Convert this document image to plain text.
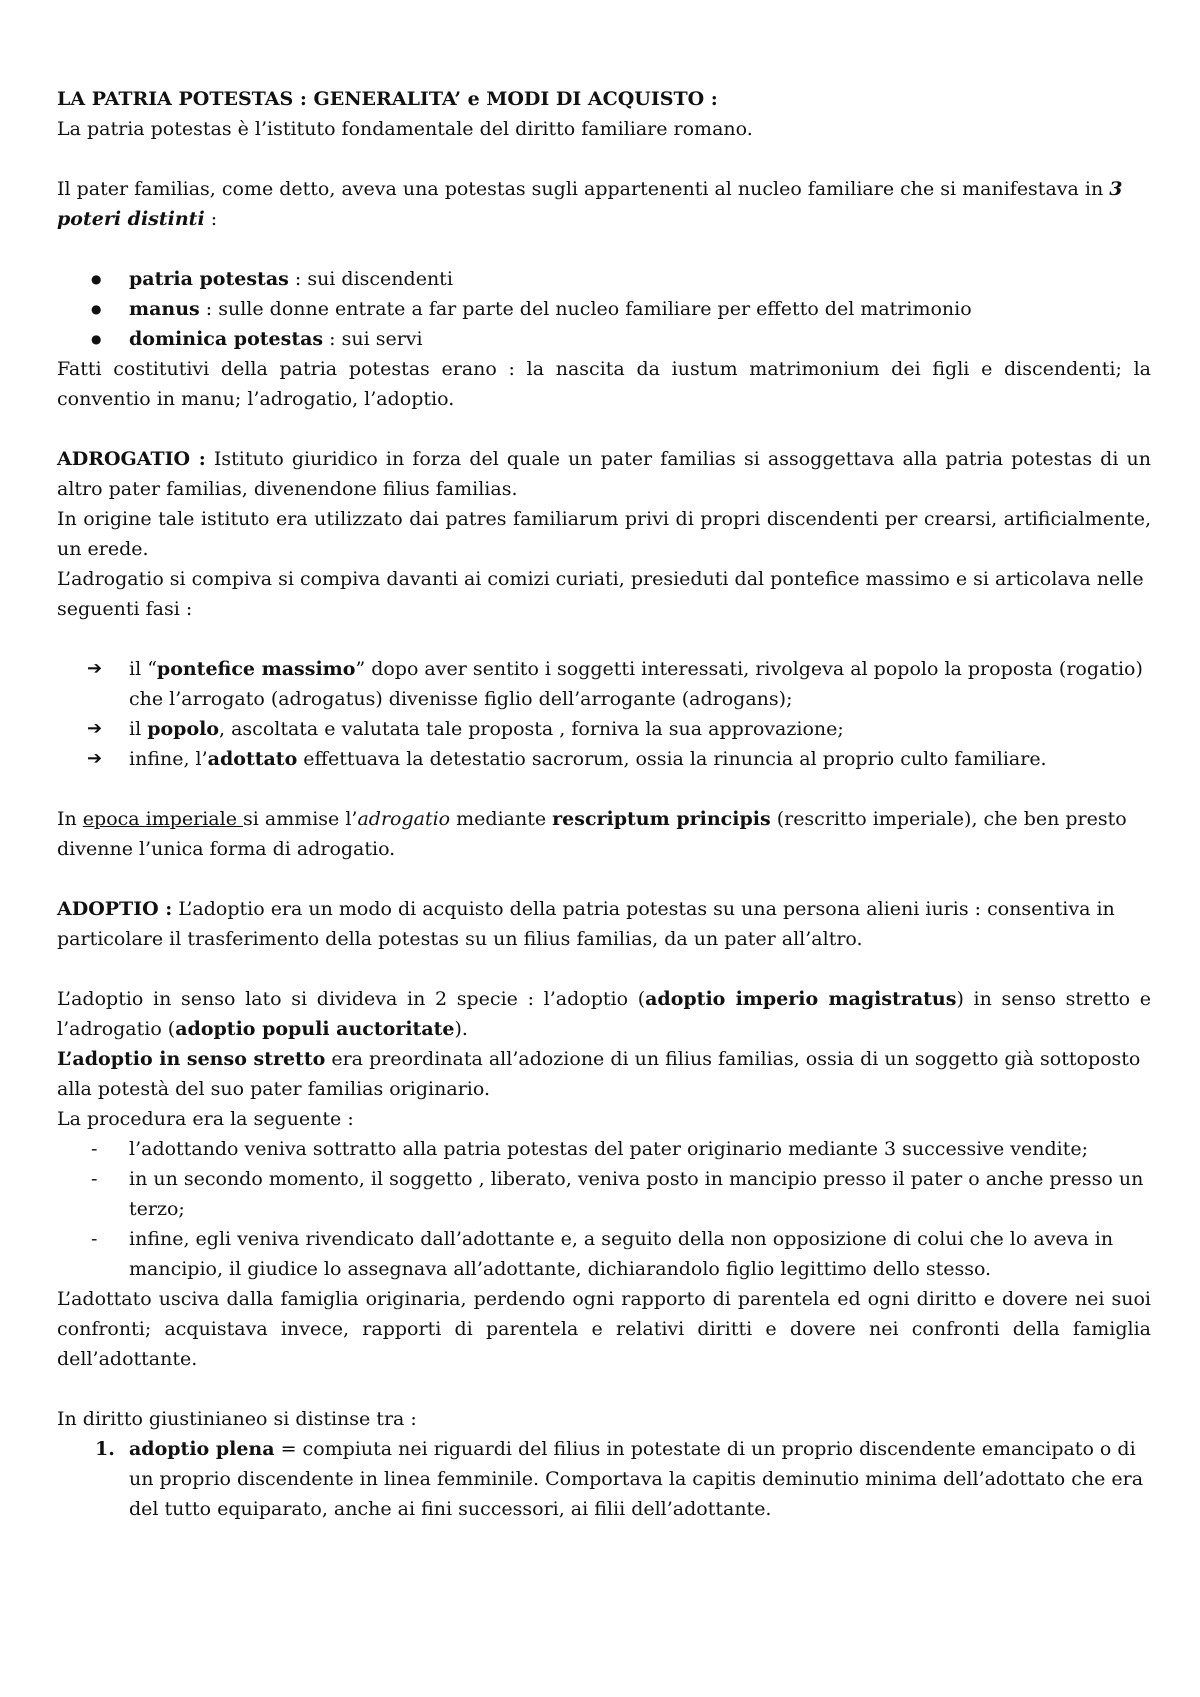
LA PATRIA POTESTAS : GENERALITA’ e MODI DI ACQUISTO :

La patria potestas è l’istituto fondamentale del diritto familiare romano.

Il pater familias, come detto, aveva una potestas sugli appartenenti al nucleo familiare che si manifestava in 3 poteri distinti :

● patria potestas : sui discendenti
● manus : sulle donne entrate a far parte del nucleo familiare per effetto del matrimonio
● dominica potestas : sui servi

Fatti costitutivi della patria potestas erano : la nascita da iustum matrimonium dei figli e discendenti; la conventio in manu; l’adrogatio, l’adoptio.

ADROGATIO : Istituto giuridico in forza del quale un pater familias si assoggettava alla patria potestas di un altro pater familias, divenendone filius familias.

In origine tale istituto era utilizzato dai patres familiarum privi di propri discendenti per crearsi, artificialmente, un erede.

L’adrogatio si compiva si compiva davanti ai comizi curiati, presieduti dal pontefice massimo e si articolava nelle seguenti fasi :

➔ il “pontefice massimo” dopo aver sentito i soggetti interessati, rivolgeva al popolo la proposta (rogatio) che l’arrogato (adrogatus) divenisse figlio dell’arrogante (adrogans);
➔ il popolo, ascoltata e valutata tale proposta , forniva la sua approvazione;
➔ infine, l’adottato effettuava la detestatio sacrorum, ossia la rinuncia al proprio culto familiare.

In epoca imperiale si ammise l’adrogatio mediante rescriptum principis (rescritto imperiale), che ben presto divenne l’unica forma di adrogatio.

ADOPTIO : L’adoptio era un modo di acquisto della patria potestas su una persona alieni iuris : consentiva in particolare il trasferimento della potestas su un filius familias, da un pater all’altro.

L’adoptio in senso lato si divideva in 2 specie : l’adoptio (adoptio imperio magistratus) in senso stretto e l’adrogatio (adoptio populi auctoritate).

L’adoptio in senso stretto era preordinata all’adozione di un filius familias, ossia di un soggetto già sottoposto alla potestà del suo pater familias originario.

La procedura era la seguente :

- l’adottando veniva sottratto alla patria potestas del pater originario mediante 3 successive vendite;
- in un secondo momento, il soggetto , liberato, veniva posto in mancipio presso il pater o anche presso un terzo;
- infine, egli veniva rivendicato dall’adottante e, a seguito della non opposizione di colui che lo aveva in mancipio, il giudice lo assegnava all’adottante, dichiarandolo figlio legittimo dello stesso.

L’adottato usciva dalla famiglia originaria, perdendo ogni rapporto di parentela ed ogni diritto e dovere nei suoi confronti; acquistava invece, rapporti di parentela e relativi diritti e dovere nei confronti della famiglia dell’adottante.

In diritto giustinianeo si distinse tra :

1. adoptio plena = compiuta nei riguardi del filius in potestate di un proprio discendente emancipato o di un proprio discendente in linea femminile. Comportava la capitis deminutio minima dell’adottato che era del tutto equiparato, anche ai fini successori, ai filii dell’adottante.
